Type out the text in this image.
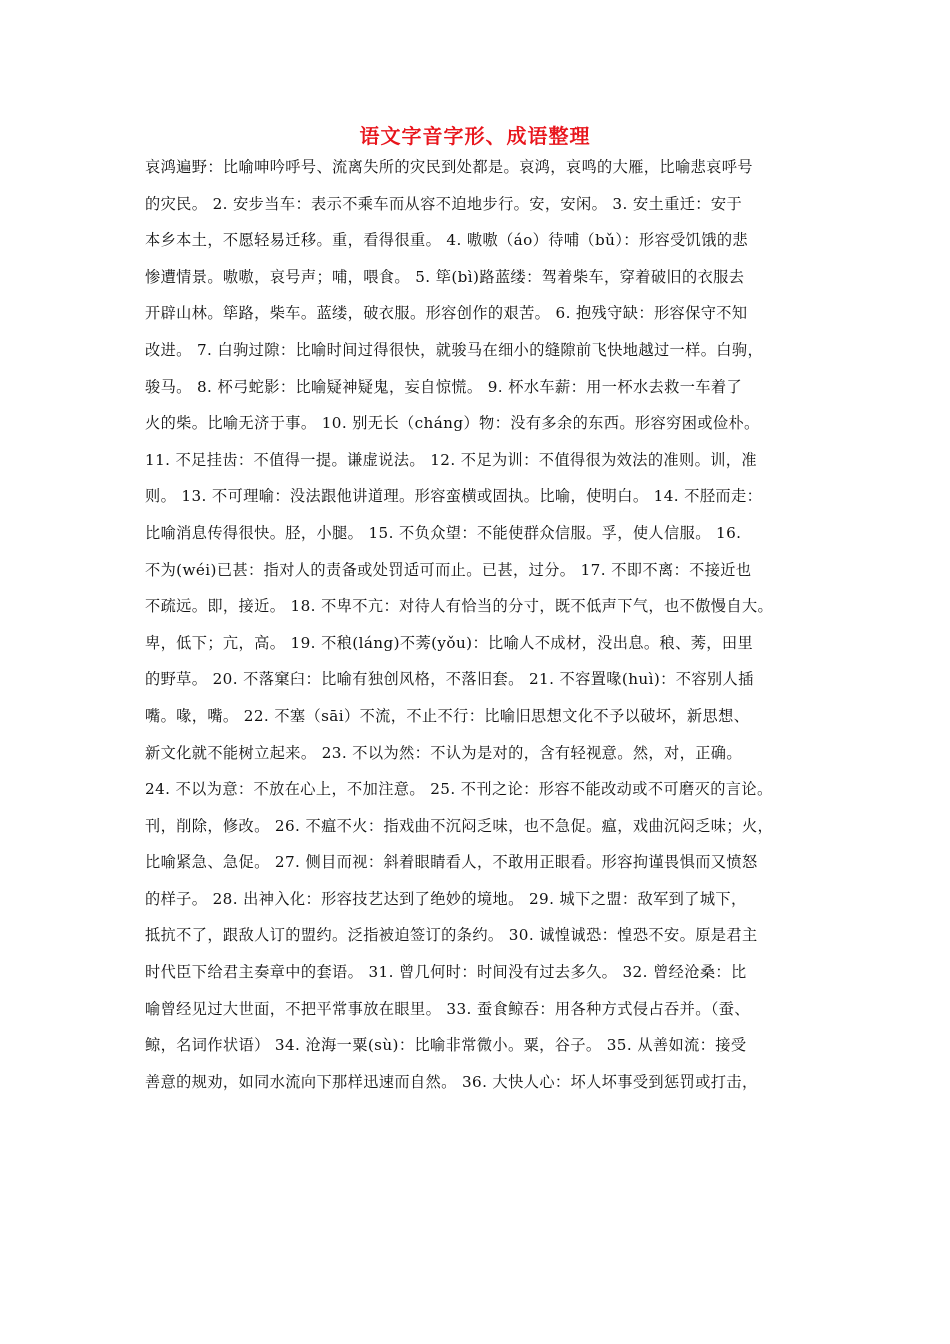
语文字音字形、成语整理
哀鸿遍野：比喻呻吟呼号、流离失所的灾民到处都是。哀鸿，哀鸣的大雁，比喻悲哀呼号
的灾民。 2. 安步当车：表示不乘车而从容不迫地步行。安，安闲。 3. 安土重迁：安于
本乡本土，不愿轻易迁移。重，看得很重。 4. 嗷嗷（áo）待哺（bǔ）：形容受饥饿的悲
惨遭情景。嗷嗷，哀号声；哺，喂食。 5. 筚(bì)路蓝缕：驾着柴车，穿着破旧的衣服去
开辟山林。筚路，柴车。蓝缕，破衣服。形容创作的艰苦。 6. 抱残守缺：形容保守不知
改进。 7. 白驹过隙：比喻时间过得很快，就骏马在细小的缝隙前飞快地越过一样。白驹，
骏马。 8. 杯弓蛇影：比喻疑神疑鬼，妄自惊慌。 9. 杯水车薪：用一杯水去救一车着了
火的柴。比喻无济于事。 10. 别无长（cháng）物：没有多余的东西。形容穷困或俭朴。
11. 不足挂齿：不值得一提。谦虚说法。 12. 不足为训：不值得很为效法的准则。训，准
则。 13. 不可理喻：没法跟他讲道理。形容蛮横或固执。比喻，使明白。 14. 不胫而走：
比喻消息传得很快。胫，小腿。 15. 不负众望：不能使群众信服。孚，使人信服。 16.
不为(wéi)已甚：指对人的责备或处罚适可而止。已甚，过分。 17. 不即不离：不接近也
不疏远。即，接近。 18. 不卑不亢：对待人有恰当的分寸，既不低声下气，也不傲慢自大。
卑，低下；亢，高。 19. 不稂(láng)不莠(yǒu)：比喻人不成材，没出息。稂、莠，田里
的野草。 20. 不落窠臼：比喻有独创风格，不落旧套。 21. 不容置喙(huì)：不容别人插
嘴。喙，嘴。 22. 不塞（sāi）不流，不止不行：比喻旧思想文化不予以破坏，新思想、
新文化就不能树立起来。 23. 不以为然：不认为是对的，含有轻视意。然，对，正确。
24. 不以为意：不放在心上，不加注意。 25. 不刊之论：形容不能改动或不可磨灭的言论。
刊，削除，修改。 26. 不瘟不火：指戏曲不沉闷乏味，也不急促。瘟，戏曲沉闷乏味；火，
比喻紧急、急促。 27. 侧目而视：斜着眼睛看人，不敢用正眼看。形容拘谨畏惧而又愤怒
的样子。 28. 出神入化：形容技艺达到了绝妙的境地。 29. 城下之盟：敌军到了城下，
抵抗不了，跟敌人订的盟约。泛指被迫签订的条约。 30. 诚惶诚恐：惶恐不安。原是君主
时代臣下给君主奏章中的套语。 31. 曾几何时：时间没有过去多久。 32. 曾经沧桑：比
喻曾经见过大世面，不把平常事放在眼里。 33. 蚕食鲸吞：用各种方式侵占吞并。（蚕、
鲸，名词作状语） 34. 沧海一粟(sù)：比喻非常微小。粟，谷子。 35. 从善如流：接受
善意的规劝，如同水流向下那样迅速而自然。 36. 大快人心：坏人坏事受到惩罚或打击，
